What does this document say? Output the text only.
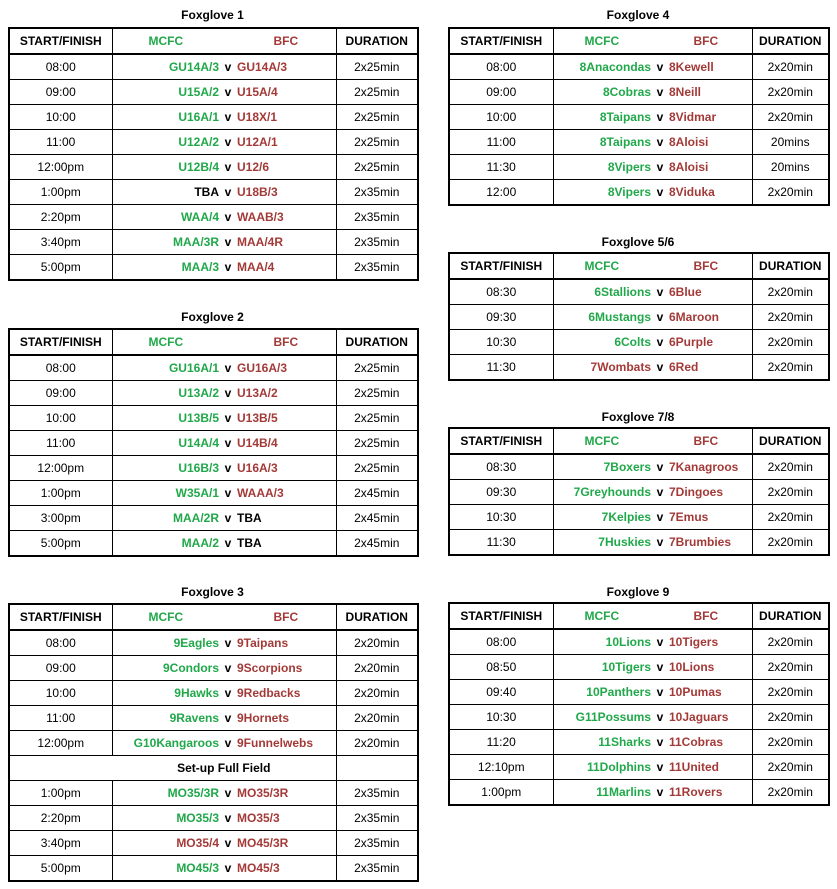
Foxglove 1
START/FINISH	MCFC BFC	DURATION
08:00	GU14A/3 v GU14A/3	2x25min
09:00	U15A/2 v U15A/4	2x25min
10:00	U16A/1 v U18X/1	2x25min
11:00	U12A/2 v U12A/1	2x25min
12:00pm	U12B/4 v U12/6	2x25min
1:00pm	TBA v U18B/3	2x35min
2:20pm	WAA/4 v WAAB/3	2x35min
3:40pm	MAA/3R v MAA/4R	2x35min
5:00pm	MAA/3 v MAA/4	2x35min
Foxglove 2
START/FINISH	MCFC BFC	DURATION
08:00	GU16A/1 v GU16A/3	2x25min
09:00	U13A/2 v U13A/2	2x25min
10:00	U13B/5 v U13B/5	2x25min
11:00	U14A/4 v U14B/4	2x25min
12:00pm	U16B/3 v U16A/3	2x25min
1:00pm	W35A/1 v WAAA/3	2x45min
3:00pm	MAA/2R v TBA	2x45min
5:00pm	MAA/2 v TBA	2x45min
Foxglove 3
START/FINISH	MCFC BFC	DURATION
08:00	9Eagles v 9Taipans	2x20min
09:00	9Condors v 9Scorpions	2x20min
10:00	9Hawks v 9Redbacks	2x20min
11:00	9Ravens v 9Hornets	2x20min
12:00pm	G10Kangaroos v 9Funnelwebs	2x20min
	Set-up Full Field	
1:00pm	MO35/3R v MO35/3R	2x35min
2:20pm	MO35/3 v MO35/3	2x35min
3:40pm	MO35/4 v MO45/3R	2x35min
5:00pm	MO45/3 v MO45/3	2x35min
Foxglove 4
START/FINISH	MCFC BFC	DURATION
08:00	8Anacondas v 8Kewell	2x20min
09:00	8Cobras v 8Neill	2x20min
10:00	8Taipans v 8Vidmar	2x20min
11:00	8Taipans v 8Aloisi	20mins
11:30	8Vipers v 8Aloisi	20mins
12:00	8Vipers v 8Viduka	2x20min
Foxglove 5/6
START/FINISH	MCFC BFC	DURATION
08:30	6Stallions v 6Blue	2x20min
09:30	6Mustangs v 6Maroon	2x20min
10:30	6Colts v 6Purple	2x20min
11:30	7Wombats v 6Red	2x20min
Foxglove 7/8
START/FINISH	MCFC BFC	DURATION
08:30	7Boxers v 7Kanagroos	2x20min
09:30	7Greyhounds v 7Dingoes	2x20min
10:30	7Kelpies v 7Emus	2x20min
11:30	7Huskies v 7Brumbies	2x20min
Foxglove 9
START/FINISH	MCFC BFC	DURATION
08:00	10Lions v 10Tigers	2x20min
08:50	10Tigers v 10Lions	2x20min
09:40	10Panthers v 10Pumas	2x20min
10:30	G11Possums v 10Jaguars	2x20min
11:20	11Sharks v 11Cobras	2x20min
12:10pm	11Dolphins v 11United	2x20min
1:00pm	11Marlins v 11Rovers	2x20min
